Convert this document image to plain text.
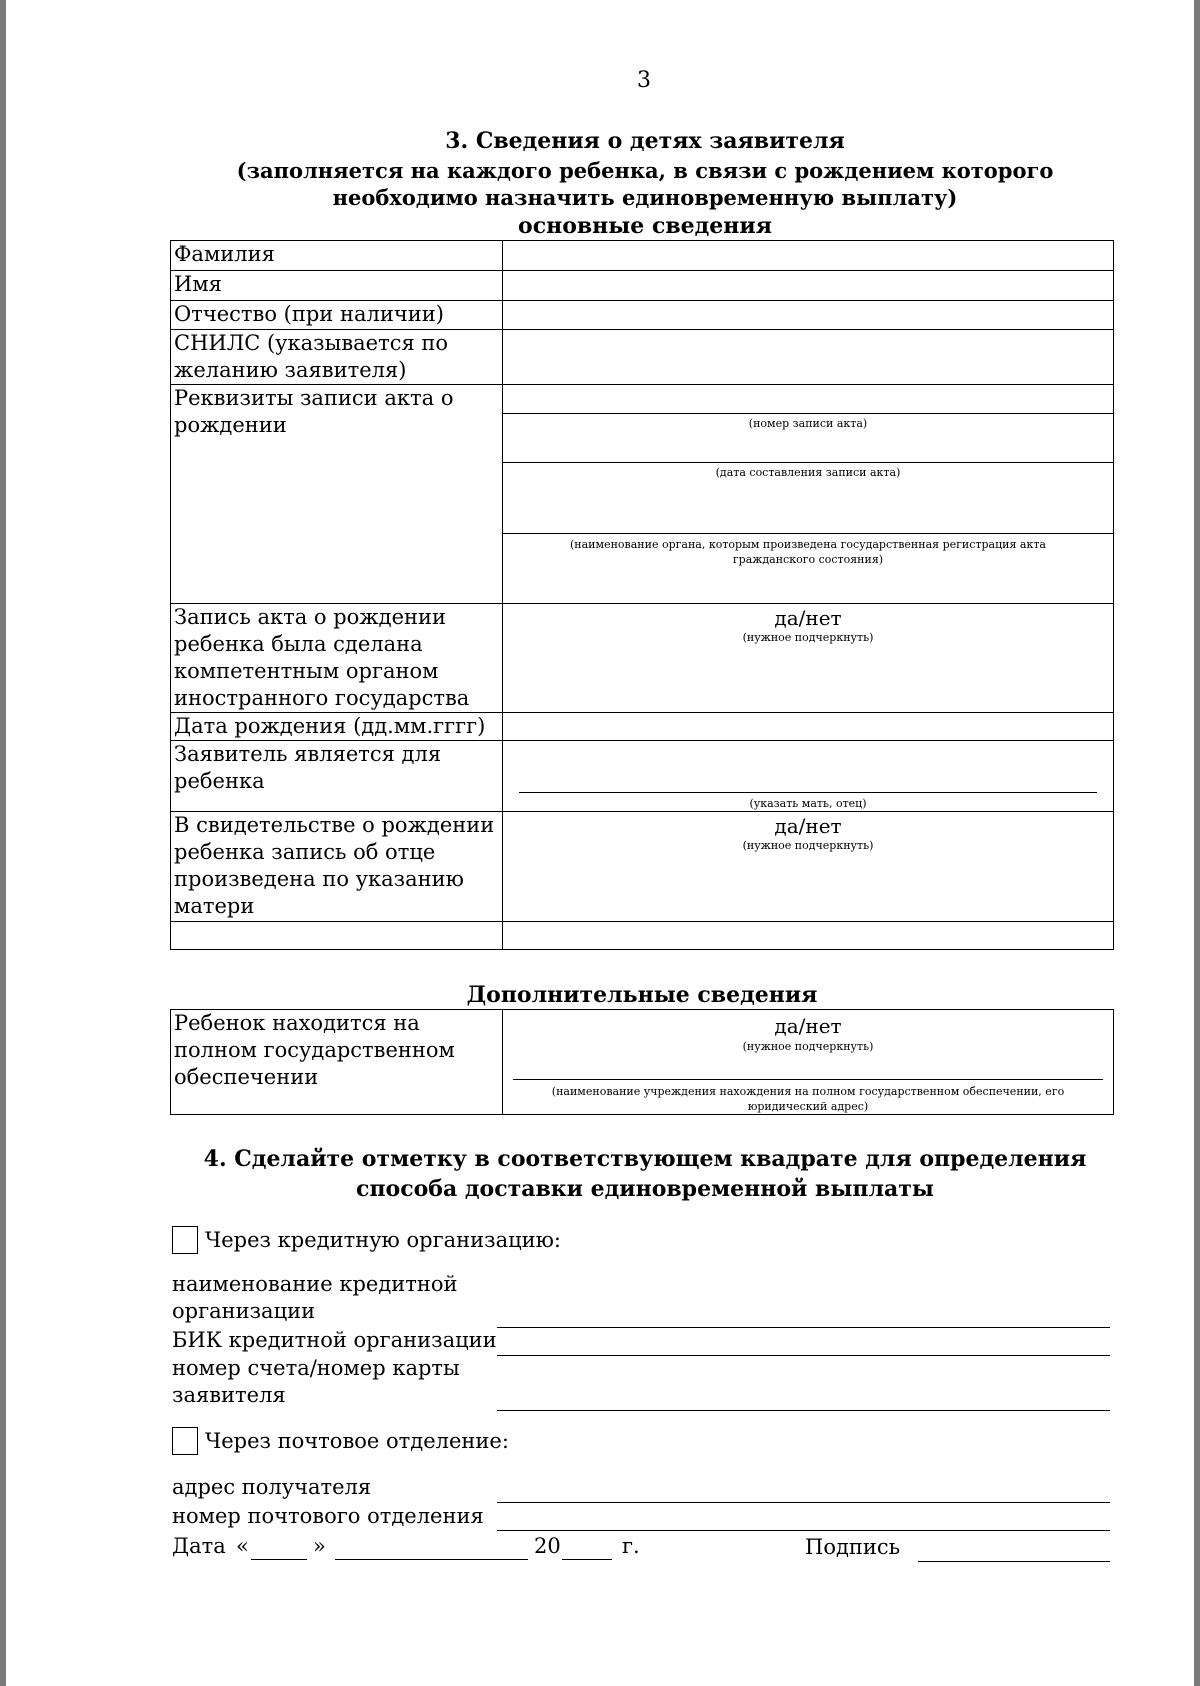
3
3. Сведения о детях заявителя
(заполняется на каждого ребенка, в связи с рождением которого необходимо назначить единовременную выплату)
основные сведения
Фамилия	
Имя	
Отчество (при наличии)	
СНИЛС (указывается по желанию заявителя)	
Реквизиты записи акта о рождении	(номер записи акта)
(дата составления записи акта)
(наименование органа, которым произведена государственная регистрация акта гражданского состояния)

Запись акта о рождении ребенка была сделана компетентным органом иностранного государства	да/нет
(нужное подчеркнуть)

Дата рождения (дд.мм.гггг)	
Заявитель является для ребенка	(указать мать, отец)

В свидетельстве о рождении ребенка запись об отце произведена по указанию матери	да/нет
(нужное подчеркнуть)

Дополнительные сведения
Ребенок находится на полном государственном обеспечении	
да/нет
(нужное подчеркнуть)
(наименование учреждения нахождения на полном государственном обеспечении, его юридический адрес)
4. Сделайте отметку в соответствующем квадрате для определения
способа доставки единовременной выплаты
Через кредитную организацию:
наименование кредитной
организации
БИК кредитной организации
номер счета/номер карты
заявителя
Через почтовое отделение:
адрес получателя
номер почтового отделения
Дата «	»	20	г.	Подпись
